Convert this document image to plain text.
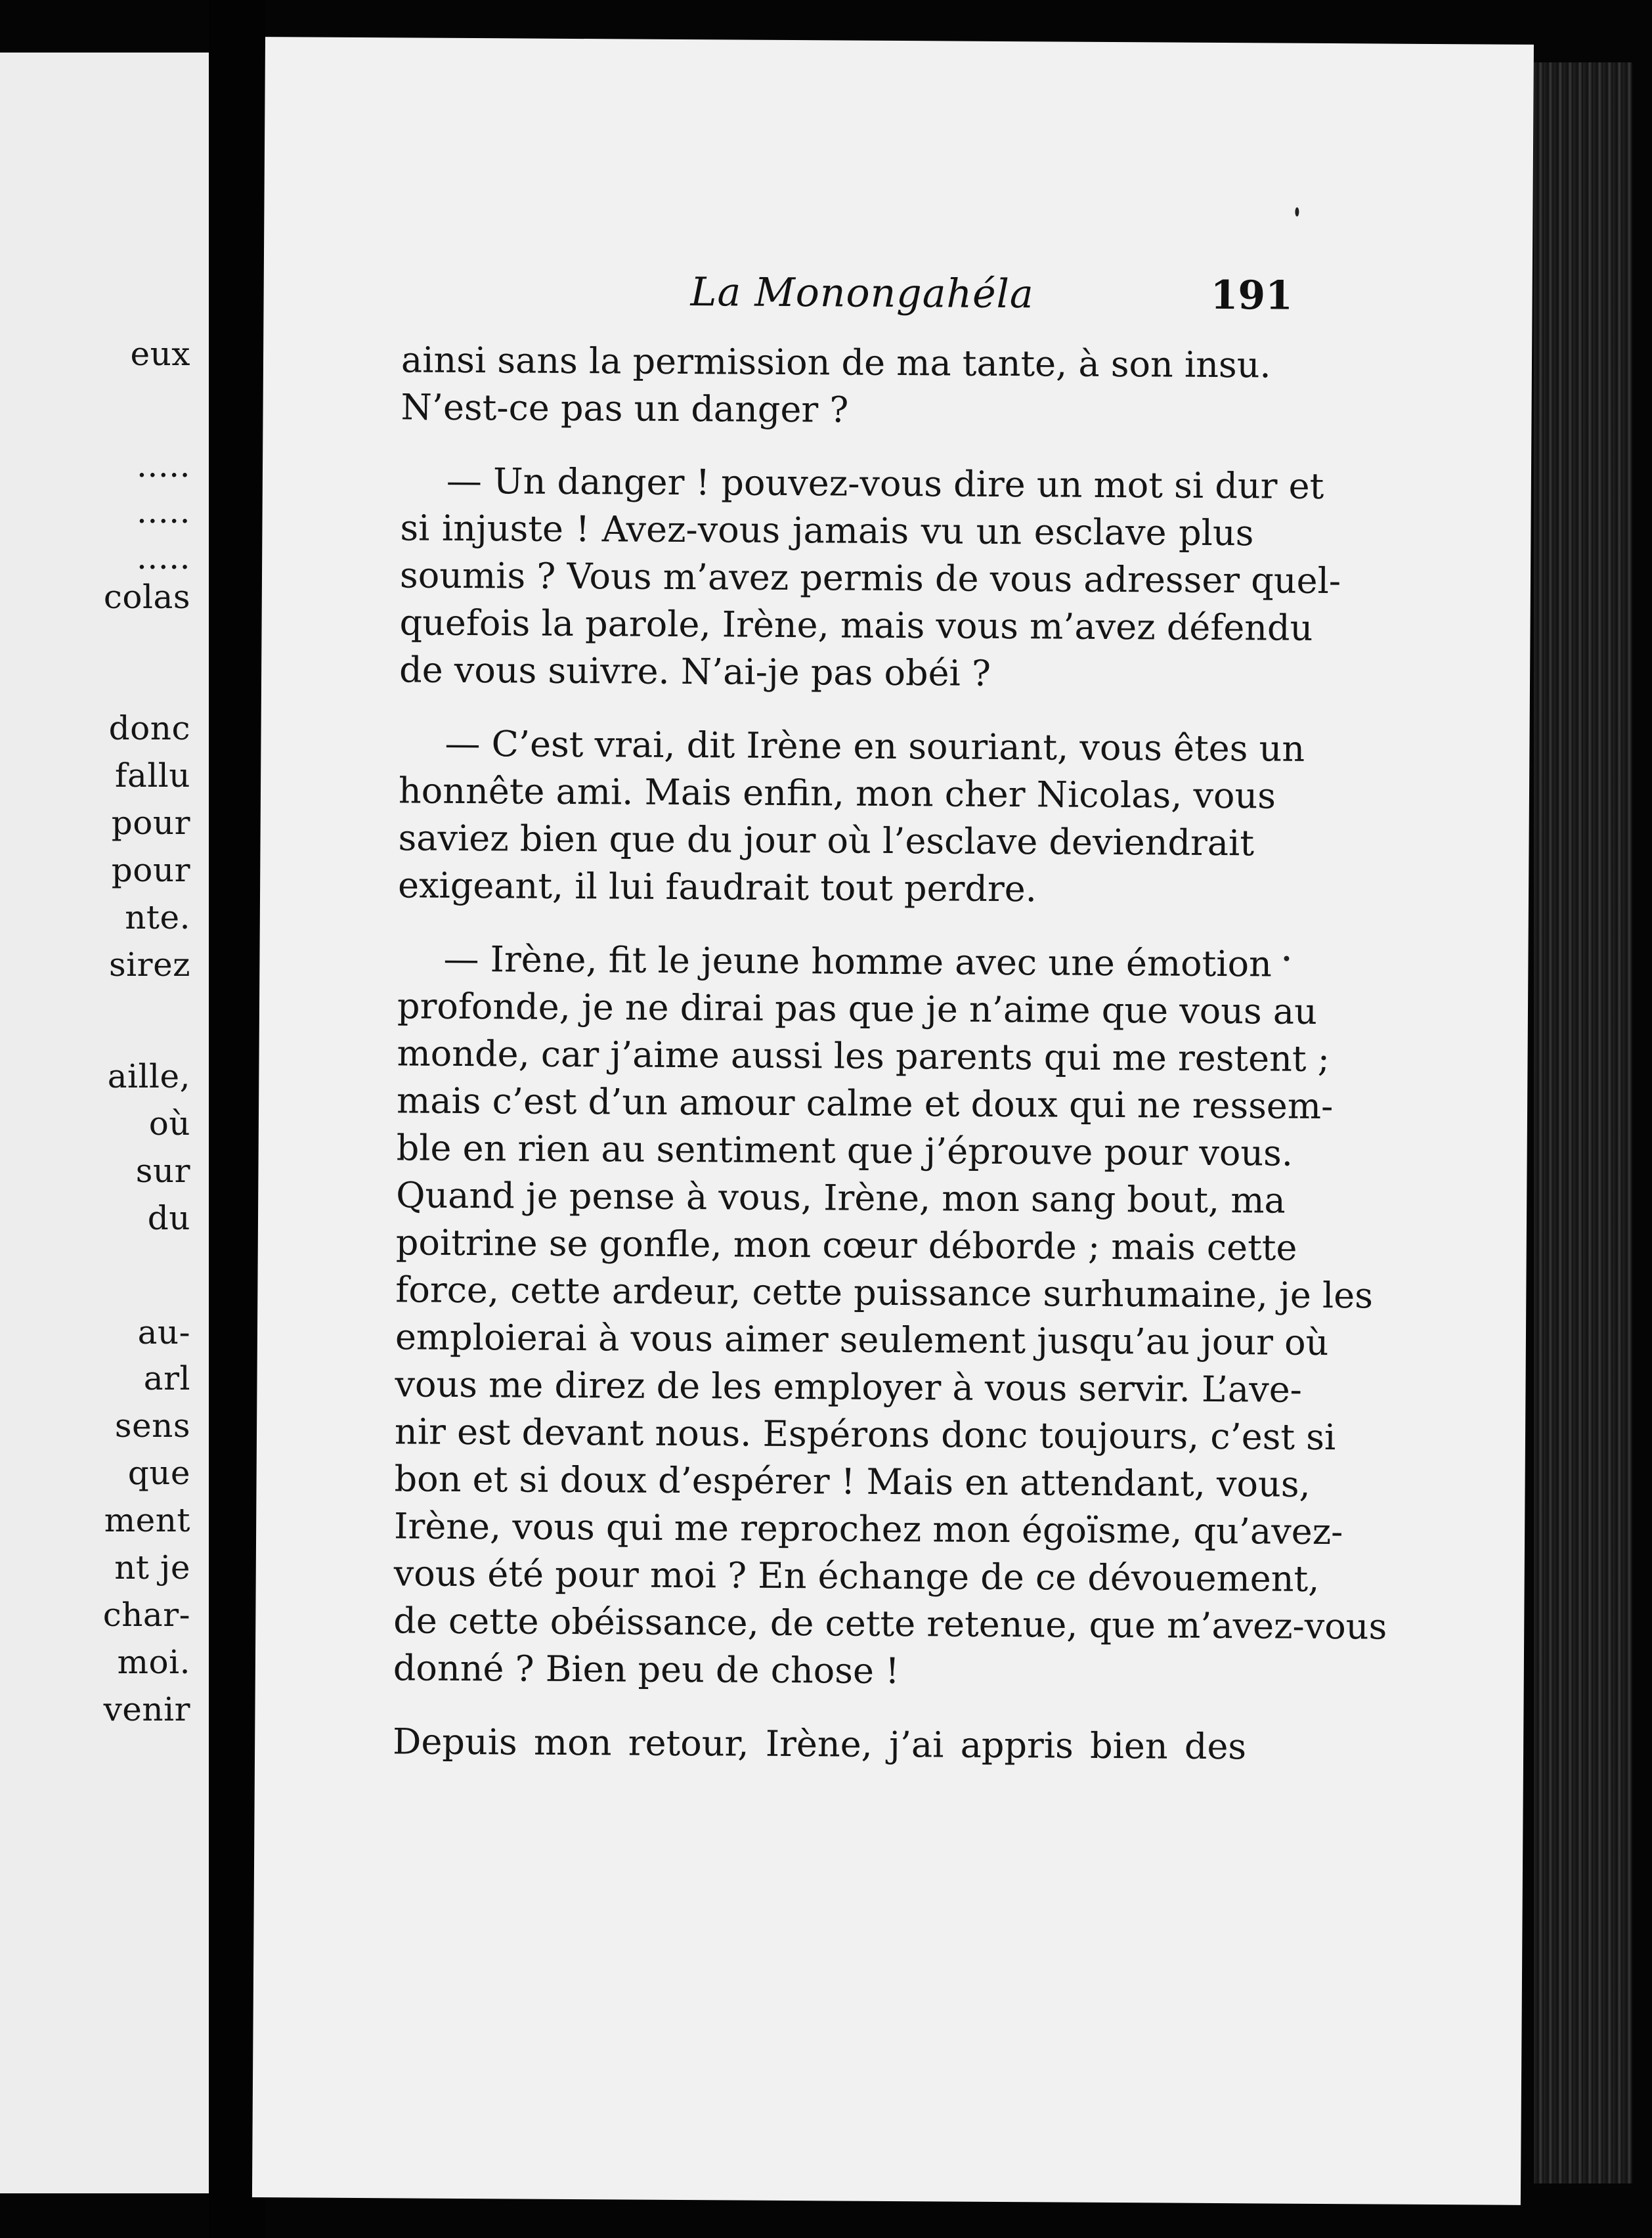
eux
.....
.....
.....
colas
donc
fallu
pour
pour
nte.
sirez
aille,
où
sur
du
au-
arl
sens
que
ment
nt je
char-
moi.
venir
La Monongahéla	191
ainsi sans la permission de ma tante, à son insu.
N’est-ce pas un danger ?
— Un danger ! pouvez-vous dire un mot si dur et
si injuste ! Avez-vous jamais vu un esclave plus
soumis ? Vous m’avez permis de vous adresser quel-
quefois la parole, Irène, mais vous m’avez défendu
de vous suivre. N’ai-je pas obéi ?
— C’est vrai, dit Irène en souriant, vous êtes un
honnête ami. Mais enfin, mon cher Nicolas, vous
saviez bien que du jour où l’esclave deviendrait
exigeant, il lui faudrait tout perdre.
— Irène, fit le jeune homme avec une émotion
profonde, je ne dirai pas que je n’aime que vous au
monde, car j’aime aussi les parents qui me restent ;
mais c’est d’un amour calme et doux qui ne ressem-
ble en rien au sentiment que j’éprouve pour vous.
Quand je pense à vous, Irène, mon sang bout, ma
poitrine se gonfle, mon cœur déborde ; mais cette
force, cette ardeur, cette puissance surhumaine, je les
emploierai à vous aimer seulement jusqu’au jour où
vous me direz de les employer à vous servir. L’ave-
nir est devant nous. Espérons donc toujours, c’est si
bon et si doux d’espérer ! Mais en attendant, vous,
Irène, vous qui me reprochez mon égoïsme, qu’avez-
vous été pour moi ? En échange de ce dévouement,
de cette obéissance, de cette retenue, que m’avez-vous
donné ? Bien peu de chose !
Depuis mon retour, Irène, j’ai appris bien des
